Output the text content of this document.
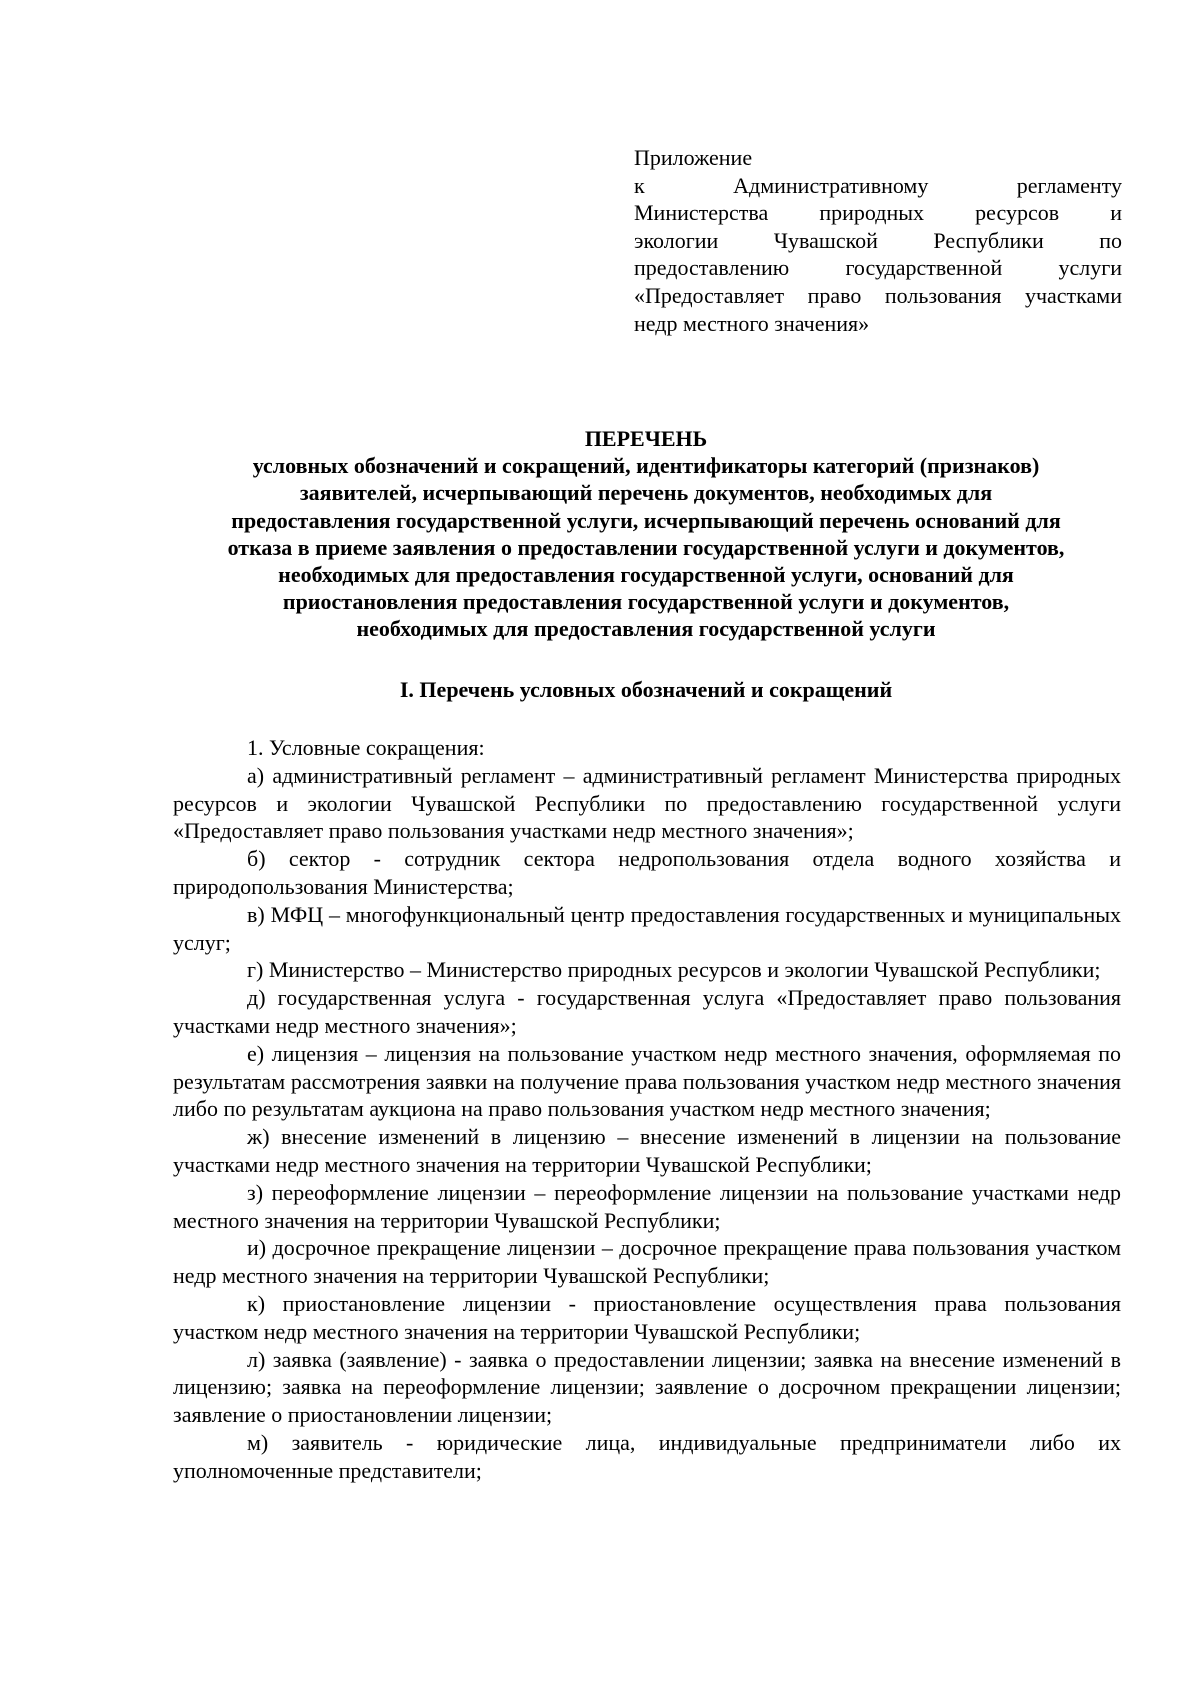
Приложение
к Административному регламенту
Министерства природных ресурсов и
экологии Чувашской Республики по
предоставлению государственной услуги
«Предоставляет право пользования участками
недр местного значения»
ПЕРЕЧЕНЬ
условных обозначений и сокращений, идентификаторы категорий (признаков)
заявителей, исчерпывающий перечень документов, необходимых для
предоставления государственной услуги, исчерпывающий перечень оснований для
отказа в приеме заявления о предоставлении государственной услуги и документов,
необходимых для предоставления государственной услуги, оснований для
приостановления предоставления государственной услуги и документов,
необходимых для предоставления государственной услуги
I. Перечень условных обозначений и сокращений

1. Условные сокращения:

а) административный регламент – административный регламент Министерства природных ресурсов и экологии Чувашской Республики по предоставлению государственной услуги «Предоставляет право пользования участками недр местного значения»;

б) сектор - сотрудник сектора недропользования отдела водного хозяйства и природопользования Министерства;

в) МФЦ – многофункциональный центр предоставления государственных и муниципальных услуг;

г) Министерство – Министерство природных ресурсов и экологии Чувашской Республики;

д) государственная услуга - государственная услуга «Предоставляет право пользования участками недр местного значения»;

е) лицензия – лицензия на пользование участком недр местного значения, оформляемая по результатам рассмотрения заявки на получение права пользования участком недр местного значения либо по результатам аукциона на право пользования участком недр местного значения;

ж) внесение изменений в лицензию – внесение изменений в лицензии на пользование участками недр местного значения на территории Чувашской Республики;

з) переоформление лицензии – переоформление лицензии на пользование участками недр местного значения на территории Чувашской Республики;

и) досрочное прекращение лицензии – досрочное прекращение права пользования участком недр местного значения на территории Чувашской Республики;

к) приостановление лицензии - приостановление осуществления права пользования участком недр местного значения на территории Чувашской Республики;

л) заявка (заявление) - заявка о предоставлении лицензии; заявка на внесение изменений в лицензию; заявка на переоформление лицензии; заявление о досрочном прекращении лицензии; заявление о приостановлении лицензии;

м) заявитель - юридические лица, индивидуальные предприниматели либо их уполномоченные представители;
